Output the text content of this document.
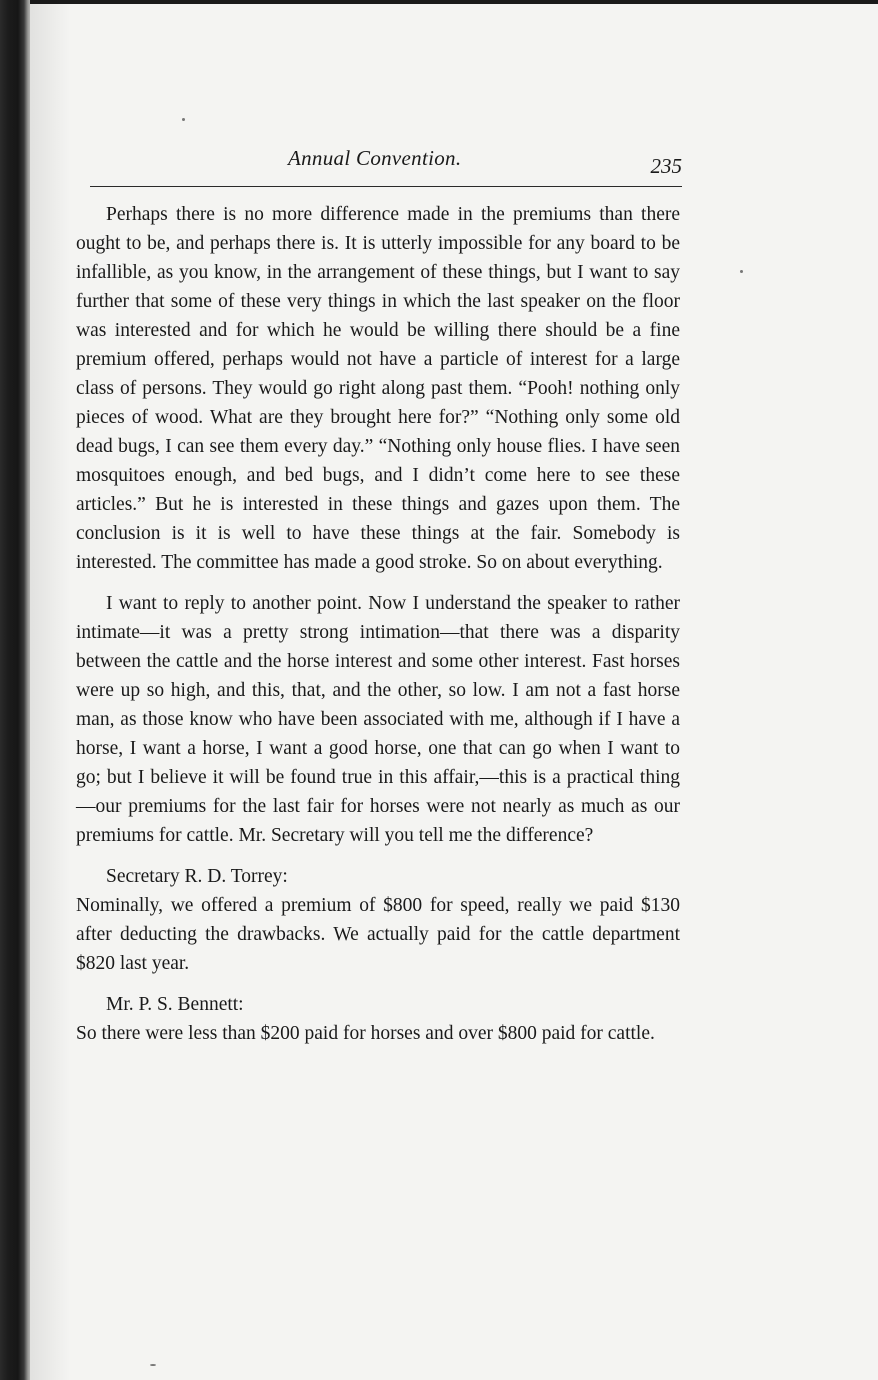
Annual Convention.	235

Perhaps there is no more difference made in the premiums than there ought to be, and perhaps there is. It is utterly impossible for any board to be infallible, as you know, in the arrangement of these things, but I want to say further that some of these very things in which the last speaker on the floor was interested and for which he would be willing there should be a fine premium offered, perhaps would not have a particle of interest for a large class of persons. They would go right along past them. “Pooh! nothing only pieces of wood. What are they brought here for?” “Nothing only some old dead bugs, I can see them every day.” “Nothing only house flies. I have seen mosquitoes enough, and bed bugs, and I didn’t come here to see these articles.” But he is interested in these things and gazes upon them. The conclusion is it is well to have these things at the fair. Somebody is interested. The committee has made a good stroke. So on about everything.

I want to reply to another point. Now I understand the speaker to rather intimate—it was a pretty strong intimation—that there was a disparity between the cattle and the horse interest and some other interest. Fast horses were up so high, and this, that, and the other, so low. I am not a fast horse man, as those know who have been associated with me, although if I have a horse, I want a horse, I want a good horse, one that can go when I want to go; but I believe it will be found true in this affair,—this is a practical thing—our premiums for the last fair for horses were not nearly as much as our premiums for cattle. Mr. Secretary will you tell me the difference?

Secretary R. D. Torrey:

Nominally, we offered a premium of $800 for speed, really we paid $130 after deducting the drawbacks. We actually paid for the cattle department $820 last year.

Mr. P. S. Bennett:

So there were less than $200 paid for horses and over $800 paid for cattle.
